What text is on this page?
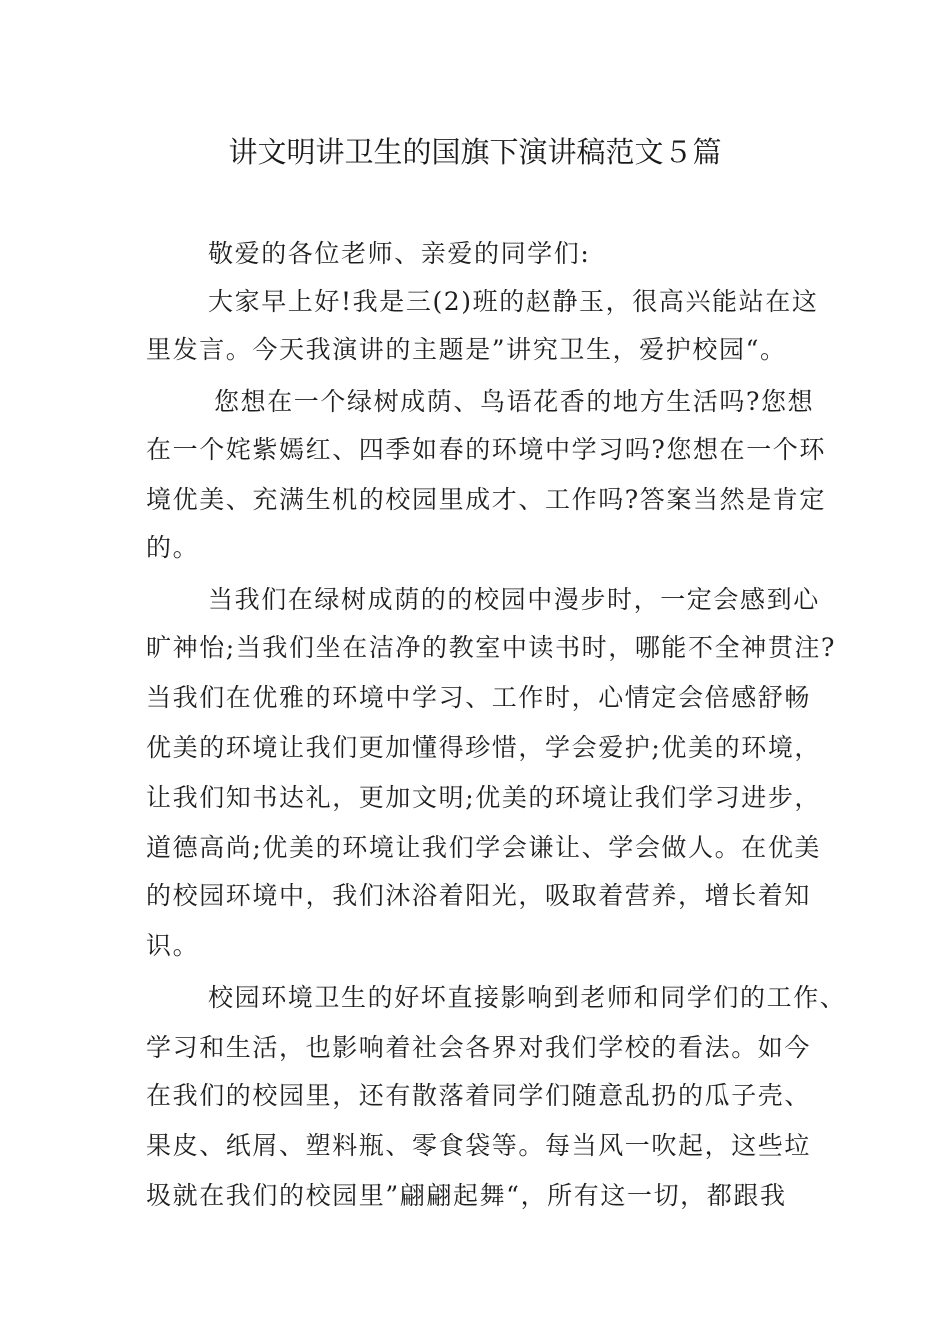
讲文明讲卫生的国旗下演讲稿范文５篇
敬爱的各位老师、亲爱的同学们:
大家早上好!我是三(2)班的赵静玉，很高兴能站在这
里发言。今天我演讲的主题是”讲究卫生，爱护校园“。
您想在一个绿树成荫、鸟语花香的地方生活吗?您想
在一个姹紫嫣红、四季如春的环境中学习吗?您想在一个环
境优美、充满生机的校园里成才、工作吗?答案当然是肯定
的。
当我们在绿树成荫的的校园中漫步时，一定会感到心
旷神怡;当我们坐在洁净的教室中读书时，哪能不全神贯注?
当我们在优雅的环境中学习、工作时，心情定会倍感舒畅
优美的环境让我们更加懂得珍惜，学会爱护;优美的环境，
让我们知书达礼，更加文明;优美的环境让我们学习进步，
道德高尚;优美的环境让我们学会谦让、学会做人。在优美
的校园环境中，我们沐浴着阳光，吸取着营养，增长着知
识。
校园环境卫生的好坏直接影响到老师和同学们的工作、
学习和生活，也影响着社会各界对我们学校的看法。如今
在我们的校园里，还有散落着同学们随意乱扔的瓜子壳、
果皮、纸屑、塑料瓶、零食袋等。每当风一吹起，这些垃
圾就在我们的校园里”翩翩起舞“，所有这一切，都跟我
